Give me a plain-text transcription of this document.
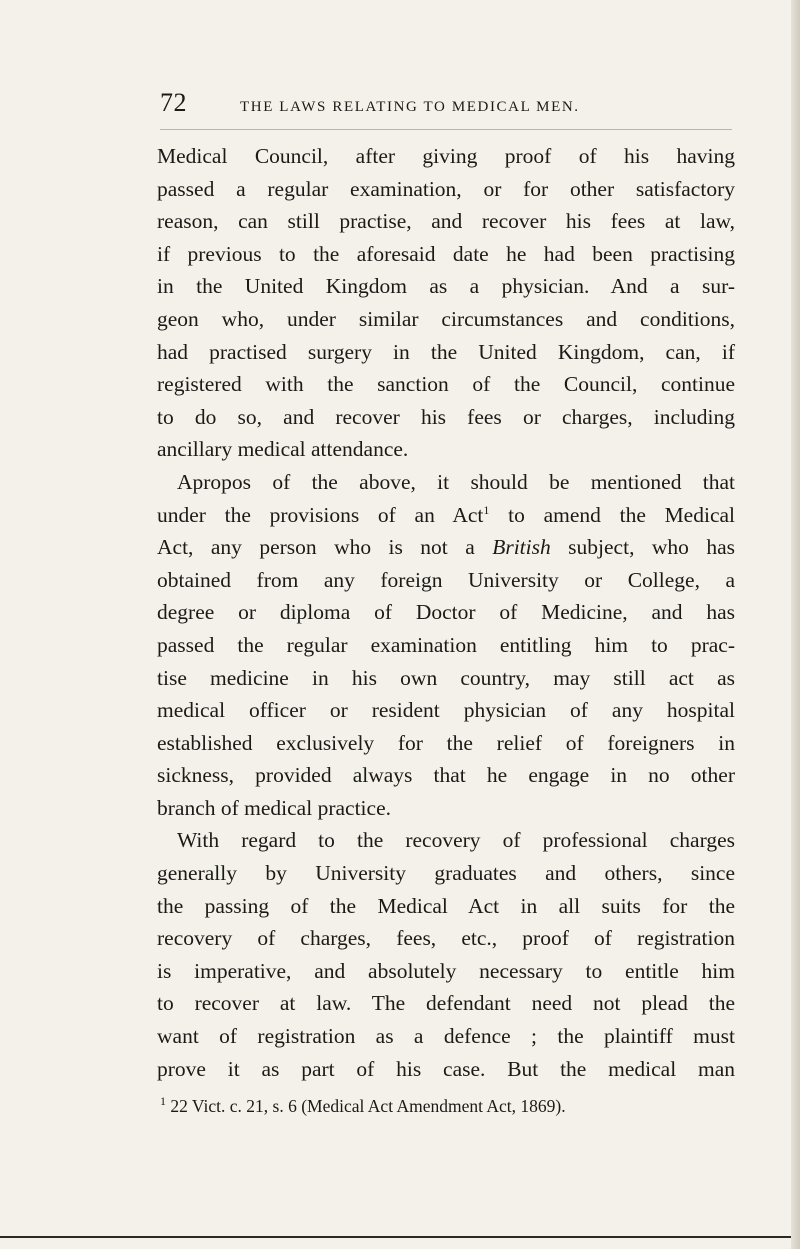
72	THE LAWS RELATING TO MEDICAL MEN.
Medical Council, after giving proof of his having
passed a regular examination, or for other satisfactory
reason, can still practise, and recover his fees at law,
if previous to the aforesaid date he had been practising
in the United Kingdom as a physician. And a sur-
geon who, under similar circumstances and conditions,
had practised surgery in the United Kingdom, can, if
registered with the sanction of the Council, continue
to do so, and recover his fees or charges, including
ancillary medical attendance.
Apropos of the above, it should be mentioned that
under the provisions of an Act$^1$ to amend the Medical
Act, any person who is not a British subject, who has
obtained from any foreign University or College, a
degree or diploma of Doctor of Medicine, and has
passed the regular examination entitling him to prac-
tise medicine in his own country, may still act as
medical officer or resident physician of any hospital
established exclusively for the relief of foreigners in
sickness, provided always that he engage in no other
branch of medical practice.
With regard to the recovery of professional charges
generally by University graduates and others, since
the passing of the Medical Act in all suits for the
recovery of charges, fees, etc., proof of registration
is imperative, and absolutely necessary to entitle him
to recover at law. The defendant need not plead the
want of registration as a defence ; the plaintiff must
prove it as part of his case. But the medical man
$^1$ 22 Vict. c. 21, s. 6 (Medical Act Amendment Act, 1869).
